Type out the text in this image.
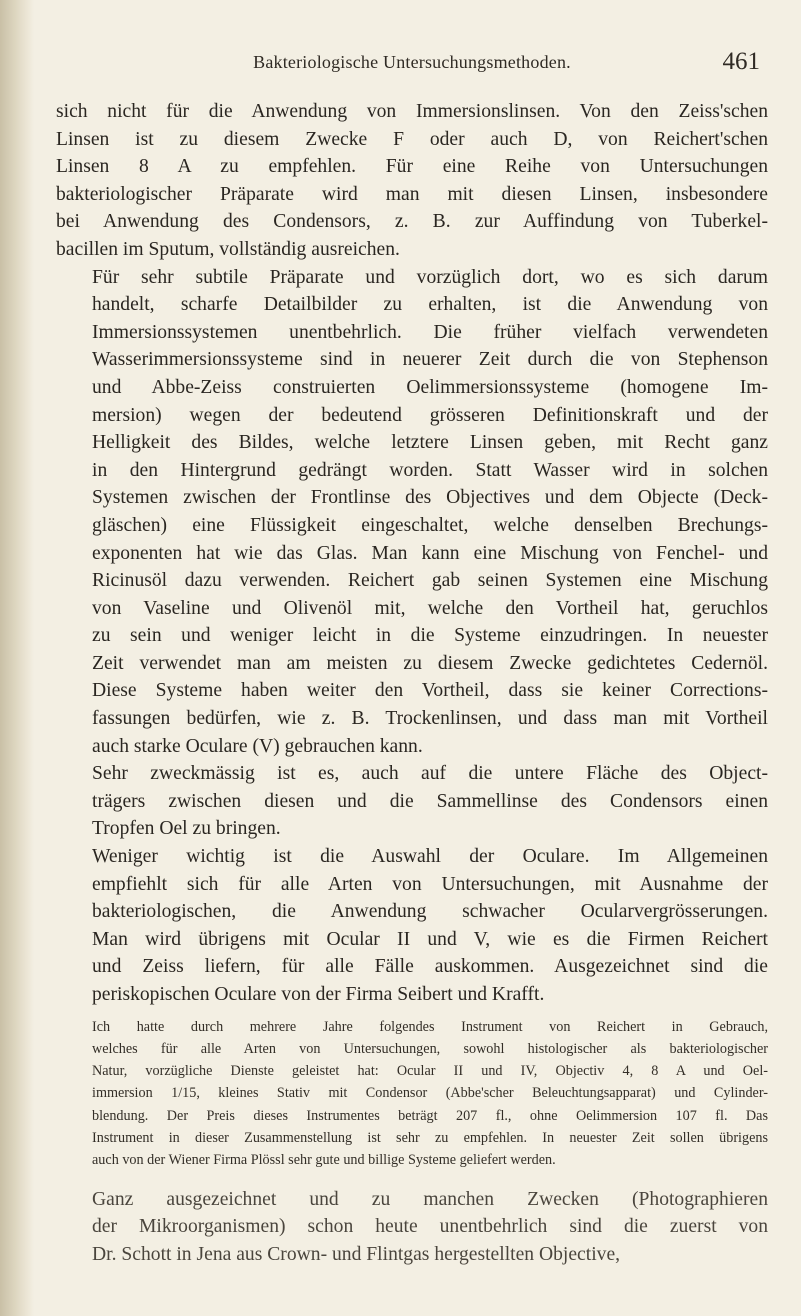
Bakteriologische Untersuchungsmethoden.	461

sich nicht für die Anwendung von Immersionslinsen. Von den Zeiss'schen
Linsen ist zu diesem Zwecke F oder auch D, von Reichert'schen
Linsen 8 A zu empfehlen. Für eine Reihe von Untersuchungen
bakteriologischer Präparate wird man mit diesen Linsen, insbesondere
bei Anwendung des Condensors, z. B. zur Auffindung von Tuberkel-
bacillen im Sputum, vollständig ausreichen.

Für sehr subtile Präparate und vorzüglich dort, wo es sich darum
handelt, scharfe Detailbilder zu erhalten, ist die Anwendung von
Immersionssystemen unentbehrlich. Die früher vielfach verwendeten
Wasserimmersionssysteme sind in neuerer Zeit durch die von Stephenson
und Abbe-Zeiss construierten Oelimmersionssysteme (homogene Im-
mersion) wegen der bedeutend grösseren Definitionskraft und der
Helligkeit des Bildes, welche letztere Linsen geben, mit Recht ganz
in den Hintergrund gedrängt worden. Statt Wasser wird in solchen
Systemen zwischen der Frontlinse des Objectives und dem Objecte (Deck-
gläschen) eine Flüssigkeit eingeschaltet, welche denselben Brechungs-
exponenten hat wie das Glas. Man kann eine Mischung von Fenchel- und
Ricinusöl dazu verwenden. Reichert gab seinen Systemen eine Mischung
von Vaseline und Olivenöl mit, welche den Vortheil hat, geruchlos
zu sein und weniger leicht in die Systeme einzudringen. In neuester
Zeit verwendet man am meisten zu diesem Zwecke gedichtetes Cedernöl.
Diese Systeme haben weiter den Vortheil, dass sie keiner Corrections-
fassungen bedürfen, wie z. B. Trockenlinsen, und dass man mit Vortheil
auch starke Oculare (V) gebrauchen kann.

Sehr zweckmässig ist es, auch auf die untere Fläche des Object-
trägers zwischen diesen und die Sammellinse des Condensors einen
Tropfen Oel zu bringen.

Weniger wichtig ist die Auswahl der Oculare. Im Allgemeinen
empfiehlt sich für alle Arten von Untersuchungen, mit Ausnahme der
bakteriologischen, die Anwendung schwacher Ocularvergrösserungen.
Man wird übrigens mit Ocular II und V, wie es die Firmen Reichert
und Zeiss liefern, für alle Fälle auskommen. Ausgezeichnet sind die
periskopischen Oculare von der Firma Seibert und Krafft.

Ich hatte durch mehrere Jahre folgendes Instrument von Reichert in Gebrauch,
welches für alle Arten von Untersuchungen, sowohl histologischer als bakteriologischer
Natur, vorzügliche Dienste geleistet hat: Ocular II und IV, Objectiv 4, 8 A und Oel-
immersion 1/15, kleines Stativ mit Condensor (Abbe'scher Beleuchtungsapparat) und Cylinder-
blendung. Der Preis dieses Instrumentes beträgt 207 fl., ohne Oelimmersion 107 fl. Das
Instrument in dieser Zusammenstellung ist sehr zu empfehlen. In neuester Zeit sollen übrigens
auch von der Wiener Firma Plössl sehr gute und billige Systeme geliefert werden.
Ganz ausgezeichnet und zu manchen Zwecken (Photographieren
der Mikroorganismen) schon heute unentbehrlich sind die zuerst von
Dr. Schott in Jena aus Crown- und Flintgas hergestellten Objective,
